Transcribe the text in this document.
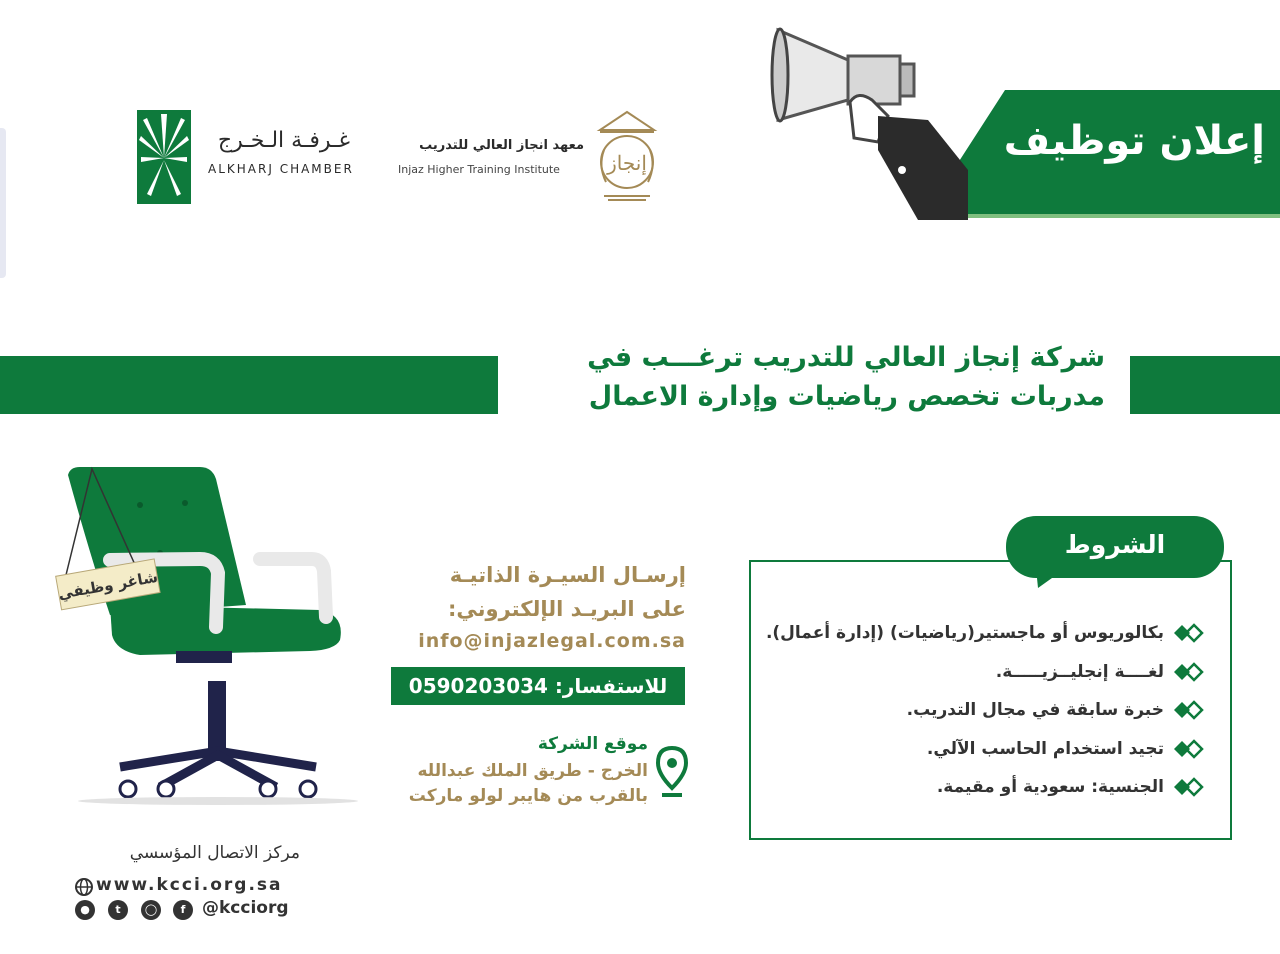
غـرفـة الـخـرج
ALKHARJ CHAMBER
معهد انجاز العالي للتدريب
Injaz Higher Training Institute إنجاز	إعلان توظيف
شركة إنجاز العالي للتدريب ترغـــب في
مدربات تخصص رياضيات وإدارة الاعمال
شاغر وظيفي	إرسـال السيـرة الذاتيـة
على البريـد الإلكتروني:
info@injazlegal.com.sa
للاستفسار: 0590203034
موقع الشركة
الخرج - طريق الملك عبدالله
بالقرب من هايبر لولو ماركت
الشروط
بكالوريوس أو ماجستير(رياضيات) (إدارة أعمال).
لغــــة إنجليــزيـــــة.
خبرة سابقة في مجال التدريب.
تجيد استخدام الحاسب الآلي.
الجنسية: سعودية أو مقيمة.
مركز الاتصال المؤسسي
www.kcci.org.sa
●	t	◯	f @kcciorg
